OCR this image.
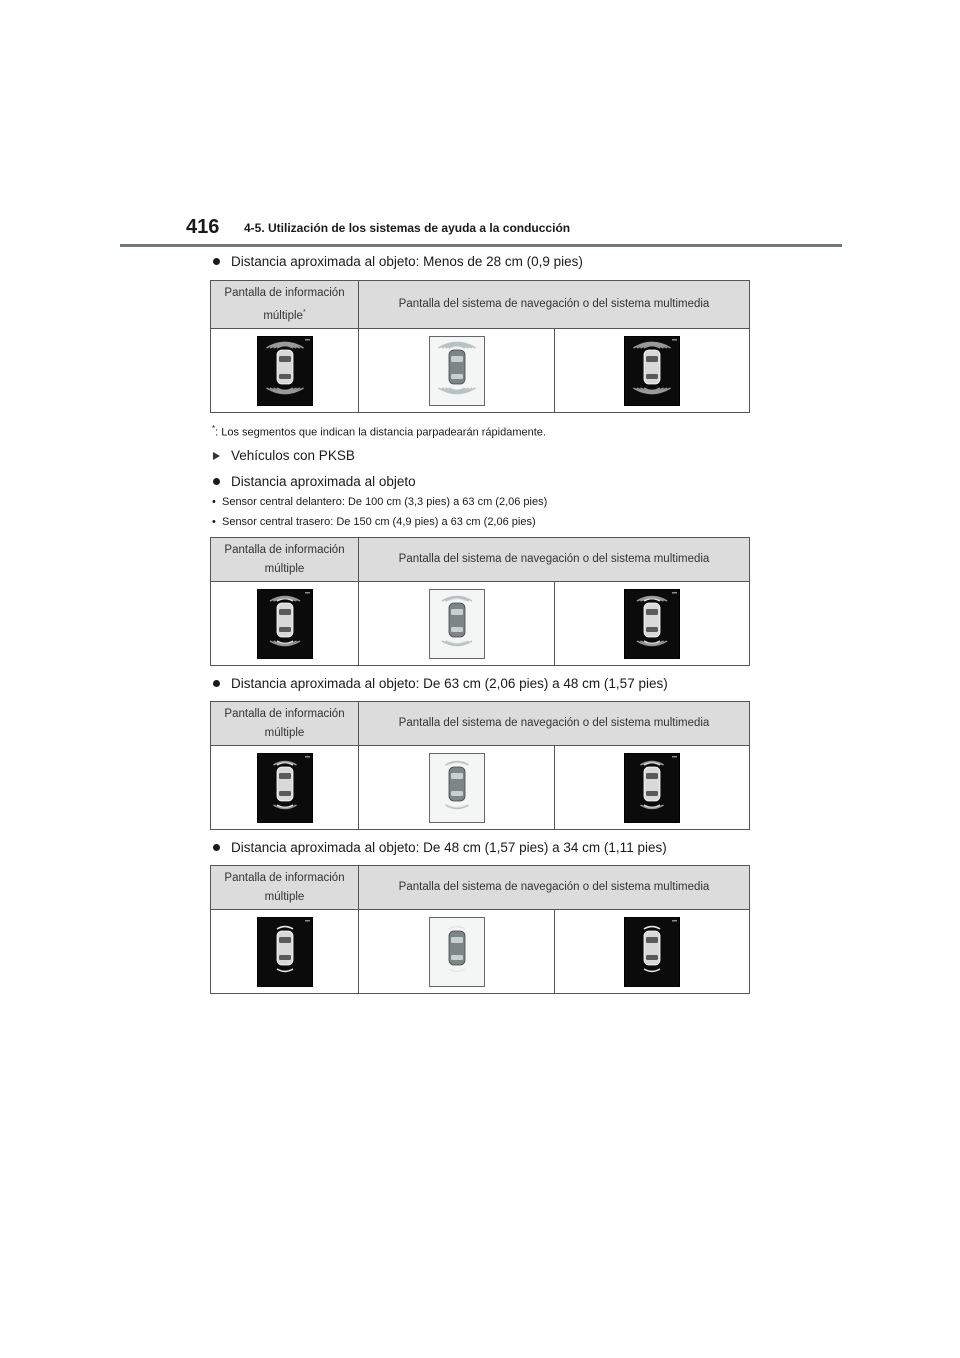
416 4-5. Utilización de los sistemas de ayuda a la conducción
Distancia aproximada al objeto: Menos de 28 cm (0,9 pies)
Pantalla de información
múltiple*	Pantalla del sistema de navegación o del sistema multimedia	

*: Los segmentos que indican la distancia parpadearán rápidamente.
Vehículos con PKSB
Distancia aproximada al objeto
• Sensor central delantero: De 100 cm (3,3 pies) a 63 cm (2,06 pies)
• Sensor central trasero: De 150 cm (4,9 pies) a 63 cm (2,06 pies)
Pantalla de información
múltiple	Pantalla del sistema de navegación o del sistema multimedia	

Distancia aproximada al objeto: De 63 cm (2,06 pies) a 48 cm (1,57 pies)
Pantalla de información
múltiple	Pantalla del sistema de navegación o del sistema multimedia	

Distancia aproximada al objeto: De 48 cm (1,57 pies) a 34 cm (1,11 pies)
Pantalla de información
múltiple	Pantalla del sistema de navegación o del sistema multimedia	
